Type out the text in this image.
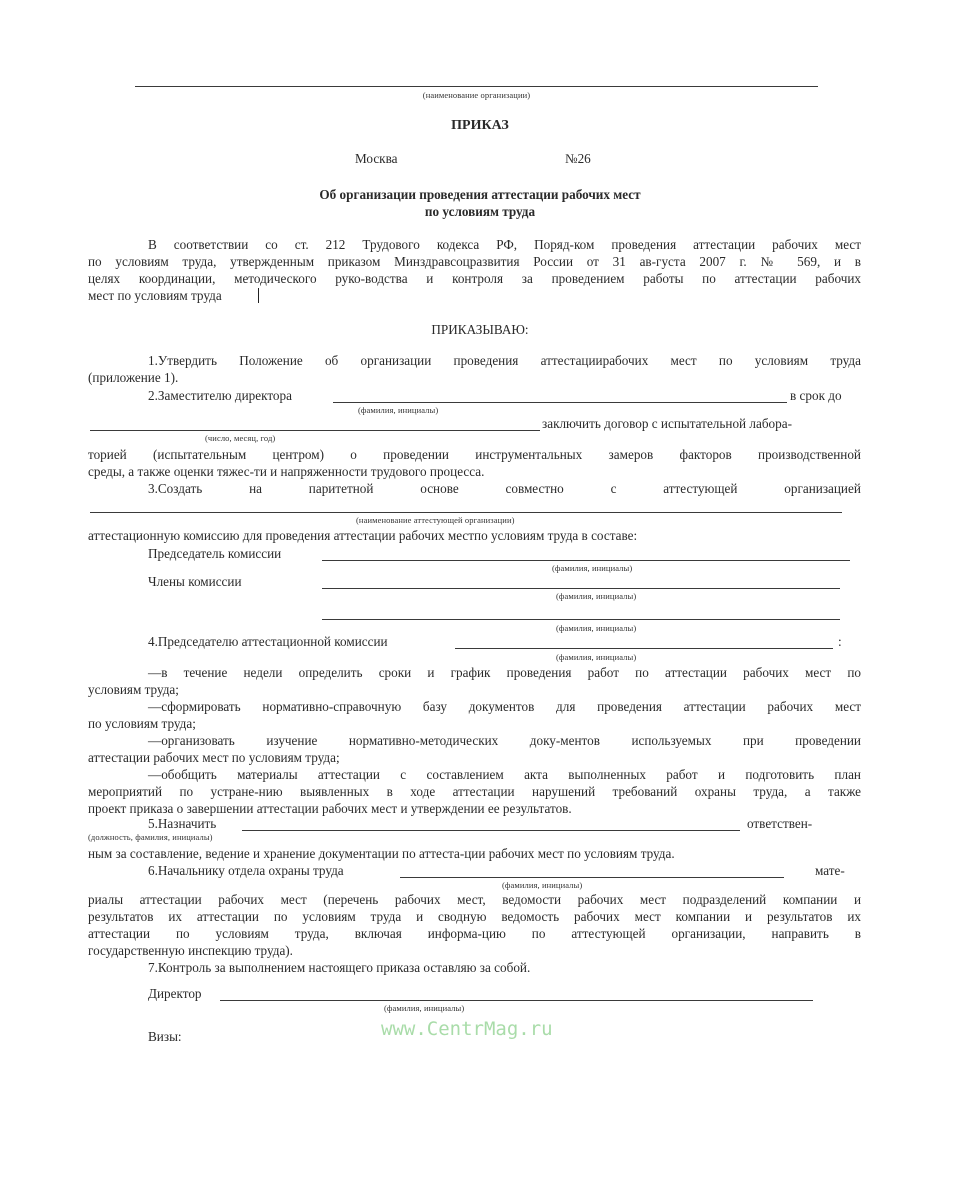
(наименование организации)
ПРИКАЗ
Москва	№26
Об организации проведения аттестации рабочих мест
по условиям труда
В соответствии со ст. 212 Трудового кодекса РФ, Поряд-ком проведения аттестации рабочих мест
по условиям труда, утвержденным приказом Минздравсоцразвития России от 31 ав-густа 2007 г. № 569, и в
целях координации, методического руко-водства и контроля за проведением работы по аттестации рабочих
мест по условиям труда
ПРИКАЗЫВАЮ:
1.Утвердить Положение об организации проведения аттестациирабочих мест по условиям труда
(приложение 1).
2.Заместителю директора	в срок до
(фамилия, инициалы)
заключить договор с испытательной лабора-
(число, месяц, год)
торией (испытательным центром) о проведении инструментальных замеров факторов производственной
среды, а также оценки тяжес-ти и напряженности трудового процесса.
3.Создать	на	паритетной	основе	совместно	с	аттестующей	организацией
(наименование аттестующей организации)
аттестационную комиссию для проведения аттестации рабочих местпо условиям труда в составе:
Председатель комиссии
(фамилия, инициалы)
Члены комиссии
(фамилия, инициалы)
(фамилия, инициалы)
4.Председателю аттестационной комиссии	:
(фамилия, инициалы)
—в течение недели определить сроки и график проведения работ по аттестации рабочих мест по
условиям труда;
—сформировать нормативно-справочную базу документов для проведения аттестации рабочих мест
по условиям труда;
—организовать изучение нормативно-методических доку-ментов используемых при проведении
аттестации рабочих мест по условиям труда;
—обобщить материалы аттестации с составлением акта выполненных работ и подготовить план
мероприятий по устране-нию выявленных в ходе аттестации нарушений требований охраны труда, а также
проект приказа о завершении аттестации рабочих мест и утверждении ее результатов.
5.Назначить	ответствен-
(должность, фамилия, инициалы)
ным за составление, ведение и хранение документации по аттеста-ции рабочих мест по условиям труда.
6.Начальнику отдела охраны труда	мате-
(фамилия, инициалы)
риалы аттестации рабочих мест (перечень рабочих мест, ведомости рабочих мест подразделений компании и
результатов их аттестации по условиям труда и сводную ведомость рабочих мест компании и результатов их
аттестации по условиям труда, включая информа-цию по аттестующей организации, направить в
государственную инспекцию труда).
7.Контроль за выполнением настоящего приказа оставляю за собой.
Директор
(фамилия, инициалы)
Визы:	www.CentrMag.ru
